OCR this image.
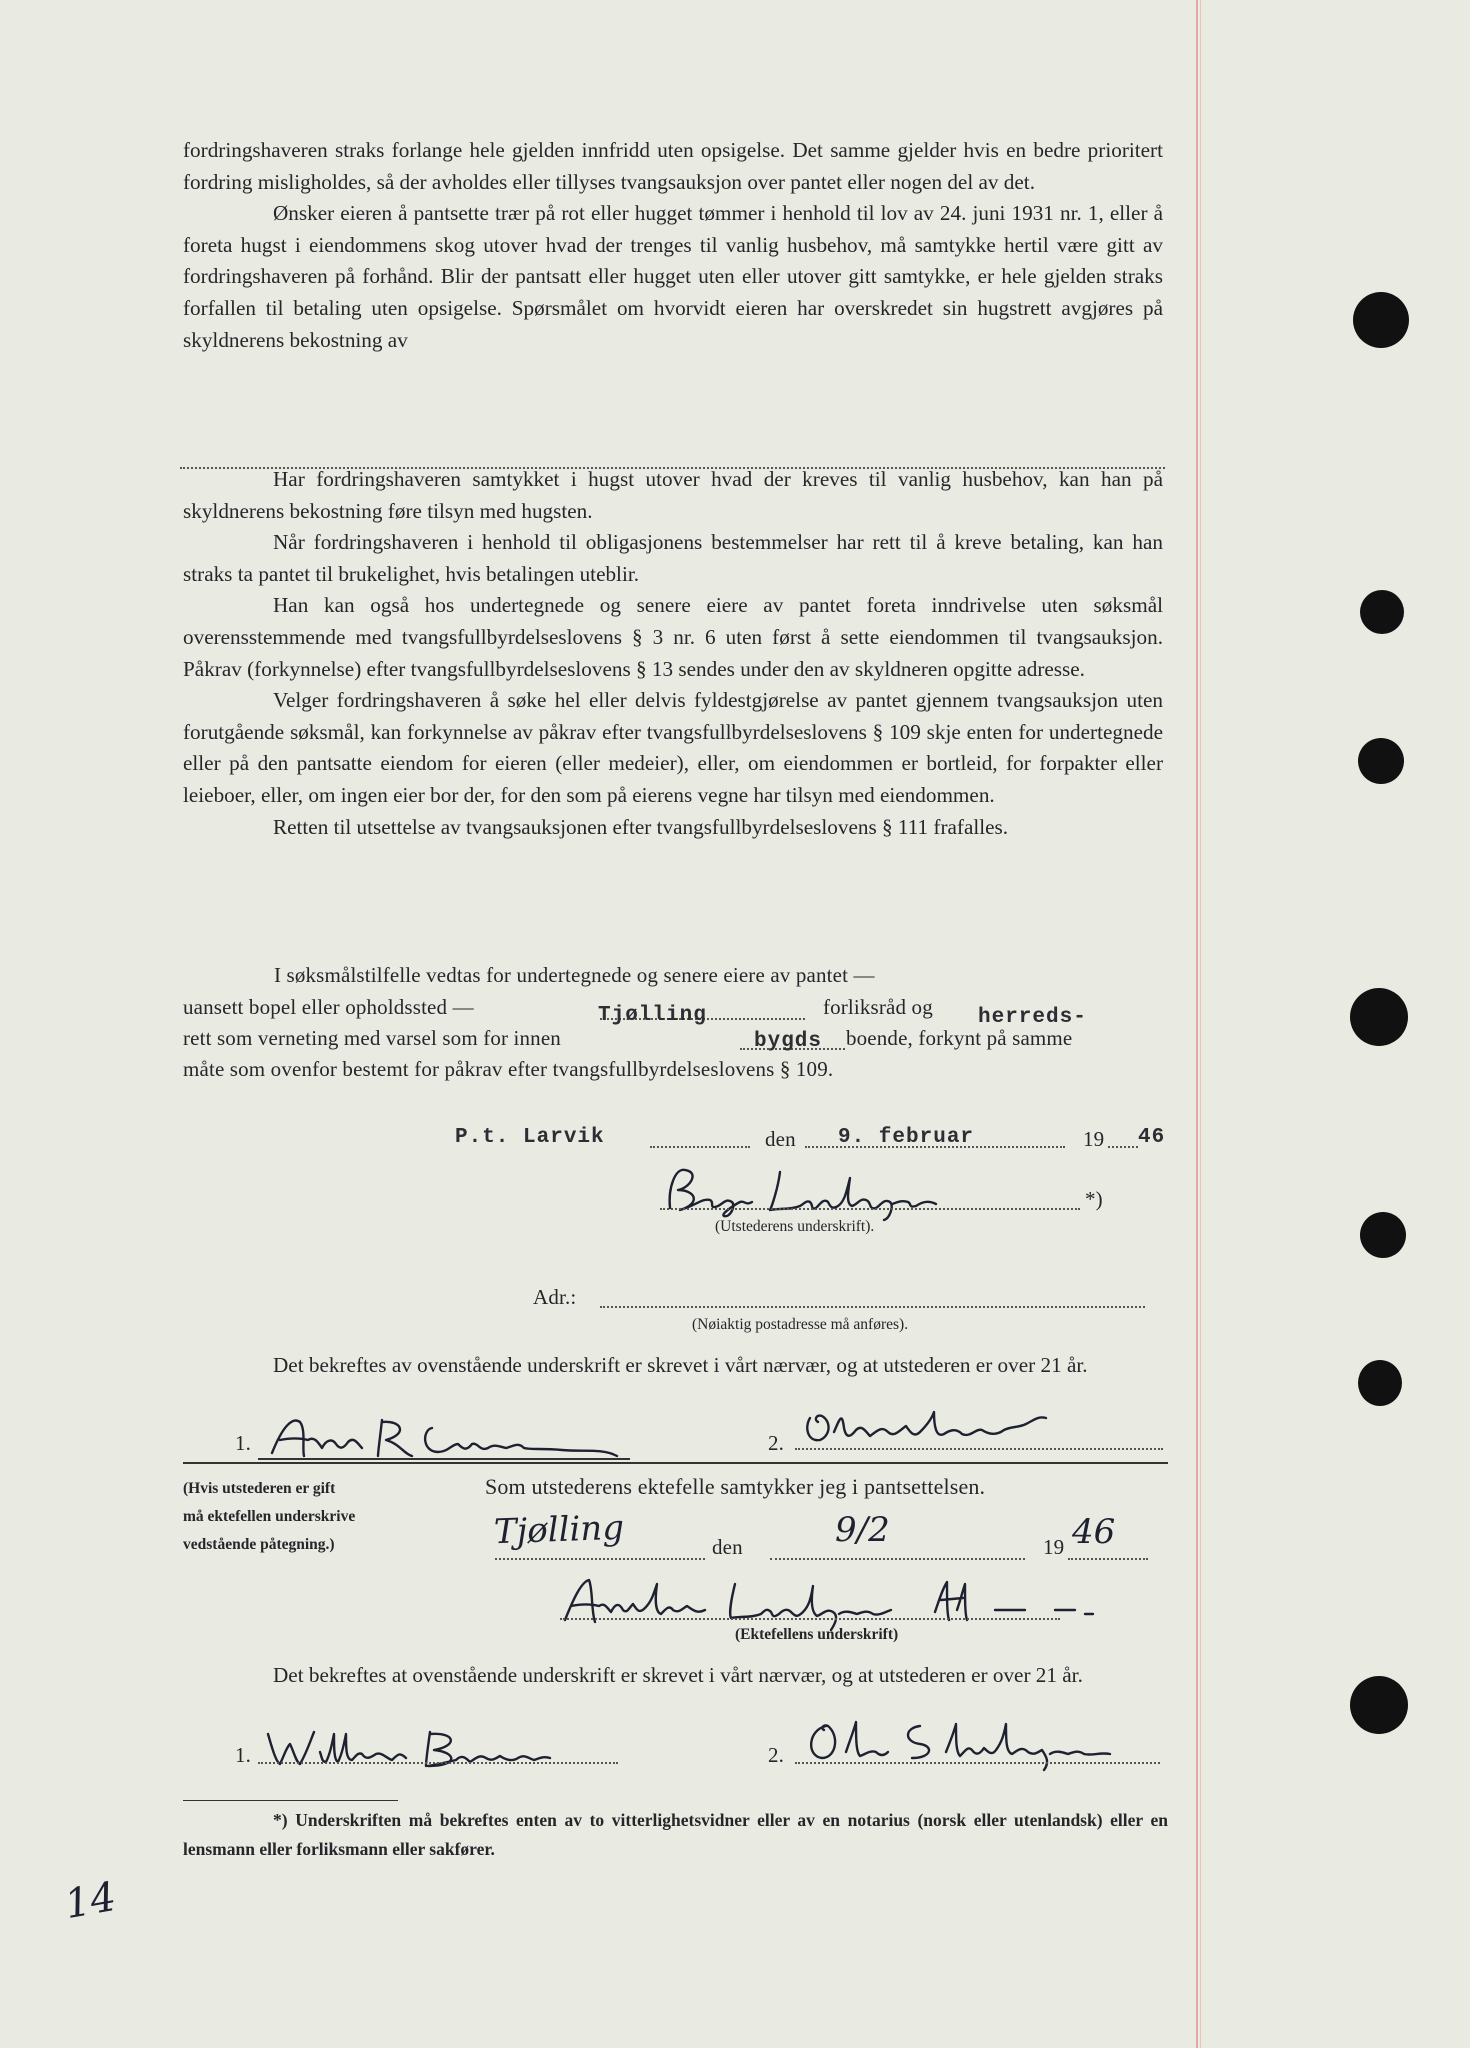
fordringshaveren straks forlange hele gjelden innfridd uten opsigelse. Det samme gjelder hvis en bedre prioritert fordring misligholdes, så der avholdes eller tillyses tvangsauksjon over pantet eller nogen del av det.

Ønsker eieren å pantsette trær på rot eller hugget tømmer i henhold til lov av 24. juni 1931 nr. 1, eller å foreta hugst i eiendommens skog utover hvad der trenges til vanlig husbehov, må samtykke hertil være gitt av fordringshaveren på forhånd. Blir der pantsatt eller hugget uten eller utover gitt samtykke, er hele gjelden straks forfallen til betaling uten opsigelse. Spørsmålet om hvorvidt eieren har overskredet sin hugstrett avgjøres på skyldnerens bekostning av

Har fordringshaveren samtykket i hugst utover hvad der kreves til vanlig husbehov, kan han på skyldnerens bekostning føre tilsyn med hugsten.

Når fordringshaveren i henhold til obligasjonens bestemmelser har rett til å kreve betaling, kan han straks ta pantet til brukelighet, hvis betalingen uteblir.

Han kan også hos undertegnede og senere eiere av pantet foreta inndrivelse uten søksmål overensstemmende med tvangsfullbyrdelseslovens § 3 nr. 6 uten først å sette eiendommen til tvangsauksjon. Påkrav (forkynnelse) efter tvangsfullbyrdelseslovens § 13 sendes under den av skyldneren opgitte adresse.

Velger fordringshaveren å søke hel eller delvis fyldestgjørelse av pantet gjennem tvangsauksjon uten forutgående søksmål, kan forkynnelse av påkrav efter tvangsfullbyrdelseslovens § 109 skje enten for undertegnede eller på den pantsatte eiendom for eieren (eller medeier), eller, om eiendommen er bortleid, for forpakter eller leieboer, eller, om ingen eier bor der, for den som på eierens vegne har tilsyn med eiendommen.

Retten til utsettelse av tvangsauksjonen efter tvangsfullbyrdelseslovens § 111 frafalles.

I søksmålstilfelle vedtas for undertegnede og senere eiere av pantet —
uansett bopel eller opholdssted —	Tjølling	forliksråd og herreds-
rett som verneting med varsel som for innen	bygds boende, forkynt på samme
måte som ovenfor bestemt for påkrav efter tvangsfullbyrdelseslovens § 109.
P.t. Larvik	den 9. februar	19 46
*)
(Utstederens underskrift).
Adr.:
(Nøiaktig postadresse må anføres).

Det bekreftes av ovenstående underskrift er skrevet i vårt nærvær, og at utstederen er over 21 år.

1.	2.
(Hvis utstederen er gift
må ektefellen underskrive
vedstående påtegning.)
Som utstederens ektefelle samtykker jeg i pantsettelsen.
Tjølling	den	9/2	19 46
(Ektefellens underskrift)

Det bekreftes at ovenstående underskrift er skrevet i vårt nærvær, og at utstederen er over 21 år.

1.	2.

*) Underskriften må bekreftes enten av to vitterlighetsvidner eller av en notarius (norsk eller utenlandsk) eller en lensmann eller forliksmann eller sakfører.

14
